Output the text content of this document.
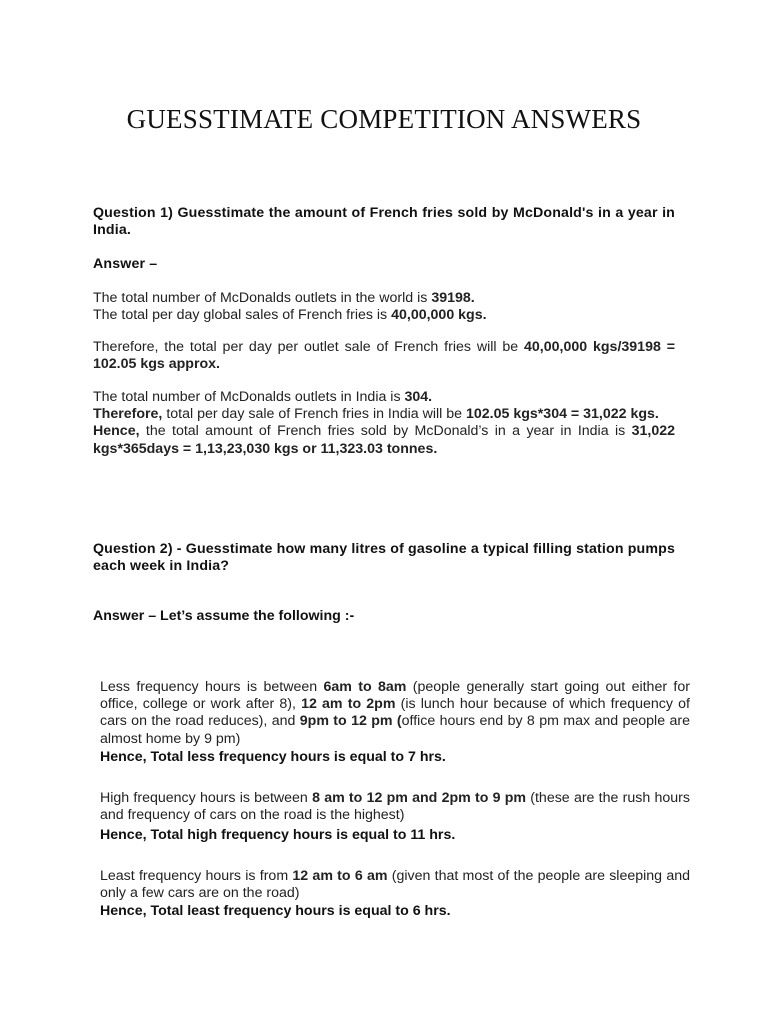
GUESSTIMATE COMPETITION ANSWERS
Question 1) Guesstimate the amount of French fries sold by McDonald's in a year in India.
Answer –
The total number of McDonalds outlets in the world is 39198.
The total per day global sales of French fries is 40,00,000 kgs.
Therefore, the total per day per outlet sale of French fries will be 40,00,000 kgs/39198 = 102.05 kgs approx.
The total number of McDonalds outlets in India is 304.
Therefore, total per day sale of French fries in India will be 102.05 kgs*304 = 31,022 kgs.
Hence, the total amount of French fries sold by McDonald’s in a year in India is 31,022 kgs*365days = 1,13,23,030 kgs or 11,323.03 tonnes.
Question 2) - Guesstimate how many litres of gasoline a typical filling station pumps each week in India?
Answer – Let’s assume the following :-
Less frequency hours is between 6am to 8am (people generally start going out either for office, college or work after 8), 12 am to 2pm (is lunch hour because of which frequency of cars on the road reduces), and 9pm to 12 pm (office hours end by 8 pm max and people are almost home by 9 pm)
Hence, Total less frequency hours is equal to 7 hrs.
High frequency hours is between 8 am to 12 pm and 2pm to 9 pm (these are the rush hours and frequency of cars on the road is the highest)
Hence, Total high frequency hours is equal to 11 hrs.
Least frequency hours is from 12 am to 6 am (given that most of the people are sleeping and only a few cars are on the road)
Hence, Total least frequency hours is equal to 6 hrs.
